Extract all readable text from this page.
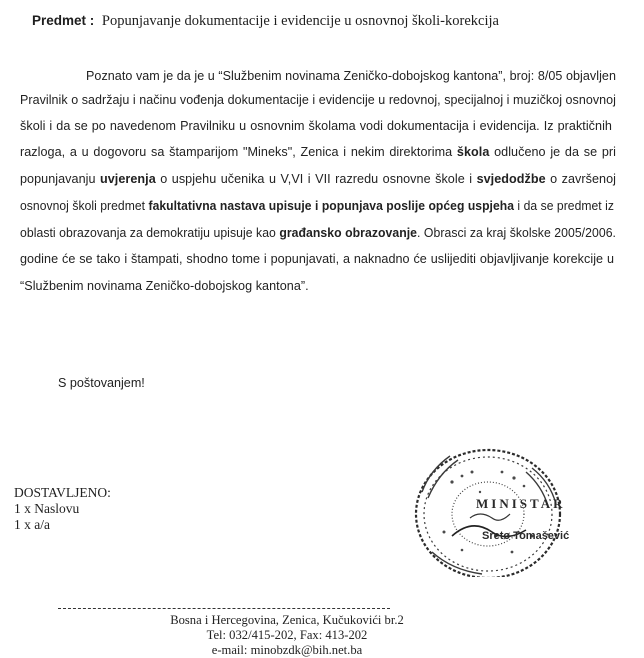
Predmet : Popunjavanje dokumentacije i evidencije u osnovnoj školi-korekcija
Poznato vam je da je u “Službenim novinama Zeničko-dobojskog kantona”, broj: 8/05 objavljen
Pravilnik o sadržaju i načinu vođenja dokumentacije i evidencije u redovnoj, specijalnoj i muzičkoj osnovnoj
školi i da se po navedenom Pravilniku u osnovnim školama vodi dokumentacija i evidencija. Iz praktičnih
razloga, a u dogovoru sa štamparijom "Mineks", Zenica i nekim direktorima škola odlučeno je da se pri
popunjavanju uvjerenja o uspjehu učenika u V,VI i VII razredu osnovne škole i svjedodžbe o završenoj
osnovnoj školi predmet fakultativna nastava upisuje i popunjava poslije općeg uspjeha i da se predmet iz
oblasti obrazovanja za demokratiju upisuje kao građansko obrazovanje. Obrasci za kraj školske 2005/2006.
godine će se tako i štampati, shodno tome i popunjavati, a naknadno će uslijediti objavljivanje korekcije u
“Službenim novinama Zeničko-dobojskog kantona”.
S poštovanjem!
DOSTAVLJENO:
1 x Naslovu
1 x a/a
MINISTAR
Sretø Tomašević
Bosna i Hercegovina, Zenica, Kučukovići br.2
Tel: 032/415-202, Fax: 413-202
e-mail: minobzdk@bih.net.ba
